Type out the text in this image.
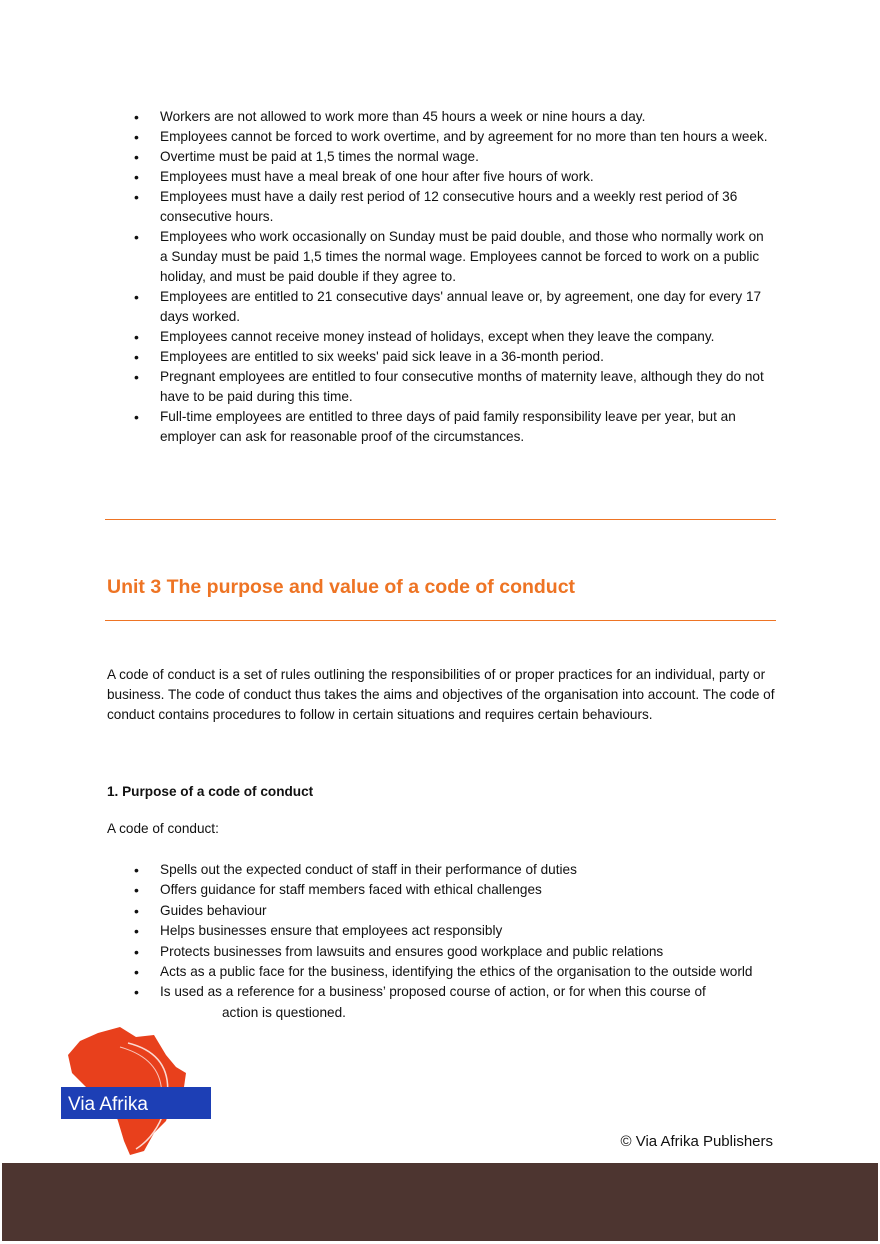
• Workers are not allowed to work more than 45 hours a week or nine hours a day.
• Employees cannot be forced to work overtime, and by agreement for no more than ten hours a week.
• Overtime must be paid at 1,5 times the normal wage.
• Employees must have a meal break of one hour after five hours of work.
• Employees must have a daily rest period of 12 consecutive hours and a weekly rest period of 36 consecutive hours.
• Employees who work occasionally on Sunday must be paid double, and those who normally work on a Sunday must be paid 1,5 times the normal wage. Employees cannot be forced to work on a public holiday, and must be paid double if they agree to.
• Employees are entitled to 21 consecutive days' annual leave or, by agreement, one day for every 17 days worked.
• Employees cannot receive money instead of holidays, except when they leave the company.
• Employees are entitled to six weeks' paid sick leave in a 36-month period.
• Pregnant employees are entitled to four consecutive months of maternity leave, although they do not have to be paid during this time.
• Full-time employees are entitled to three days of paid family responsibility leave per year, but an employer can ask for reasonable proof of the circumstances.
Unit 3 The purpose and value of a code of conduct
A code of conduct is a set of rules outlining the responsibilities of or proper practices for an individual, party or business. The code of conduct thus takes the aims and objectives of the organisation into account. The code of conduct contains procedures to follow in certain situations and requires certain behaviours.
1. Purpose of a code of conduct
A code of conduct:
• Spells out the expected conduct of staff in their performance of duties
• Offers guidance for staff members faced with ethical challenges
• Guides behaviour
• Helps businesses ensure that employees act responsibly
• Protects businesses from lawsuits and ensures good workplace and public relations
• Acts as a public face for the business, identifying the ethics of the organisation to the outside world
• Is used as a reference for a business’ proposed course of action, or for when this course of
action is questioned.
Via Afrika
© Via Afrika Publishers
